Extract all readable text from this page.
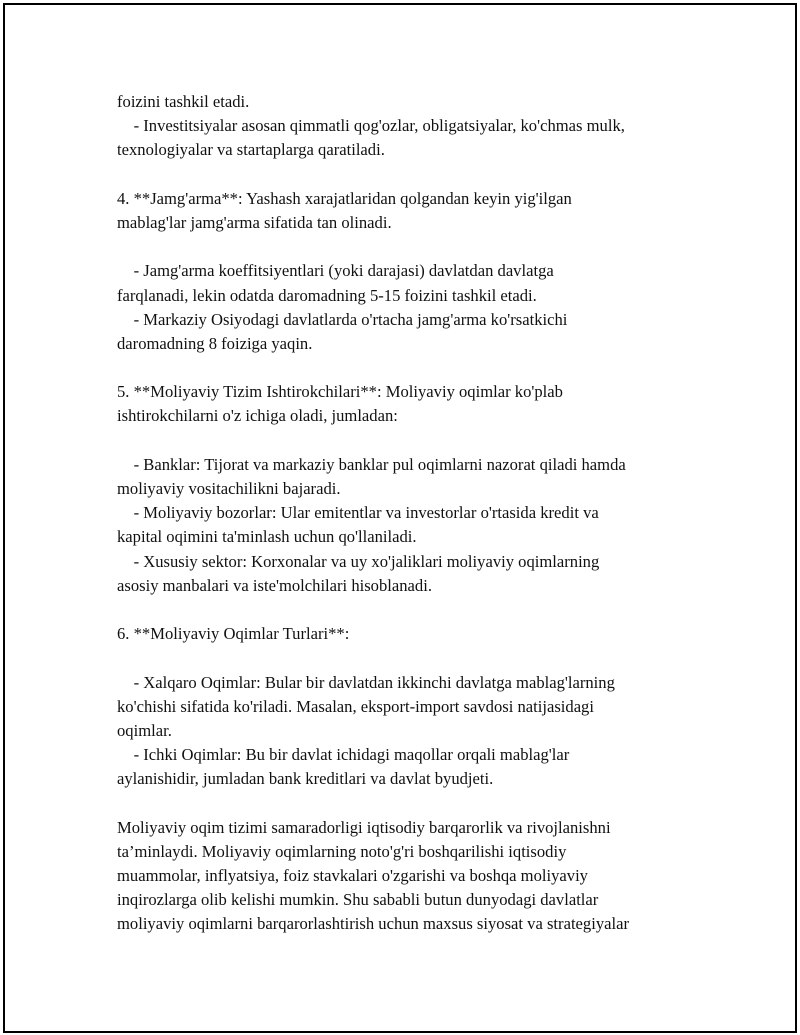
foizini tashkil etadi.
- Investitsiyalar asosan qimmatli qog'ozlar, obligatsiyalar, ko'chmas mulk,
texnologiyalar va startaplarga qaratiladi.
4. **Jamg'arma**: Yashash xarajatlaridan qolgandan keyin yig'ilgan
mablag'lar jamg'arma sifatida tan olinadi.
- Jamg'arma koeffitsiyentlari (yoki darajasi) davlatdan davlatga
farqlanadi, lekin odatda daromadning 5-15 foizini tashkil etadi.
- Markaziy Osiyodagi davlatlarda o'rtacha jamg'arma ko'rsatkichi
daromadning 8 foiziga yaqin.
5. **Moliyaviy Tizim Ishtirokchilari**: Moliyaviy oqimlar ko'plab
ishtirokchilarni o'z ichiga oladi, jumladan:
- Banklar: Tijorat va markaziy banklar pul oqimlarni nazorat qiladi hamda
moliyaviy vositachilikni bajaradi.
- Moliyaviy bozorlar: Ular emitentlar va investorlar o'rtasida kredit va
kapital oqimini ta'minlash uchun qo'llaniladi.
- Xususiy sektor: Korxonalar va uy xo'jaliklari moliyaviy oqimlarning
asosiy manbalari va iste'molchilari hisoblanadi.
6. **Moliyaviy Oqimlar Turlari**:
- Xalqaro Oqimlar: Bular bir davlatdan ikkinchi davlatga mablag'larning
ko'chishi sifatida ko'riladi. Masalan, eksport-import savdosi natijasidagi
oqimlar.
- Ichki Oqimlar: Bu bir davlat ichidagi maqollar orqali mablag'lar
aylanishidir, jumladan bank kreditlari va davlat byudjeti.
Moliyaviy oqim tizimi samaradorligi iqtisodiy barqarorlik va rivojlanishni
ta’minlaydi. Moliyaviy oqimlarning noto'g'ri boshqarilishi iqtisodiy
muammolar, inflyatsiya, foiz stavkalari o'zgarishi va boshqa moliyaviy
inqirozlarga olib kelishi mumkin. Shu sababli butun dunyodagi davlatlar
moliyaviy oqimlarni barqarorlashtirish uchun maxsus siyosat va strategiyalar
